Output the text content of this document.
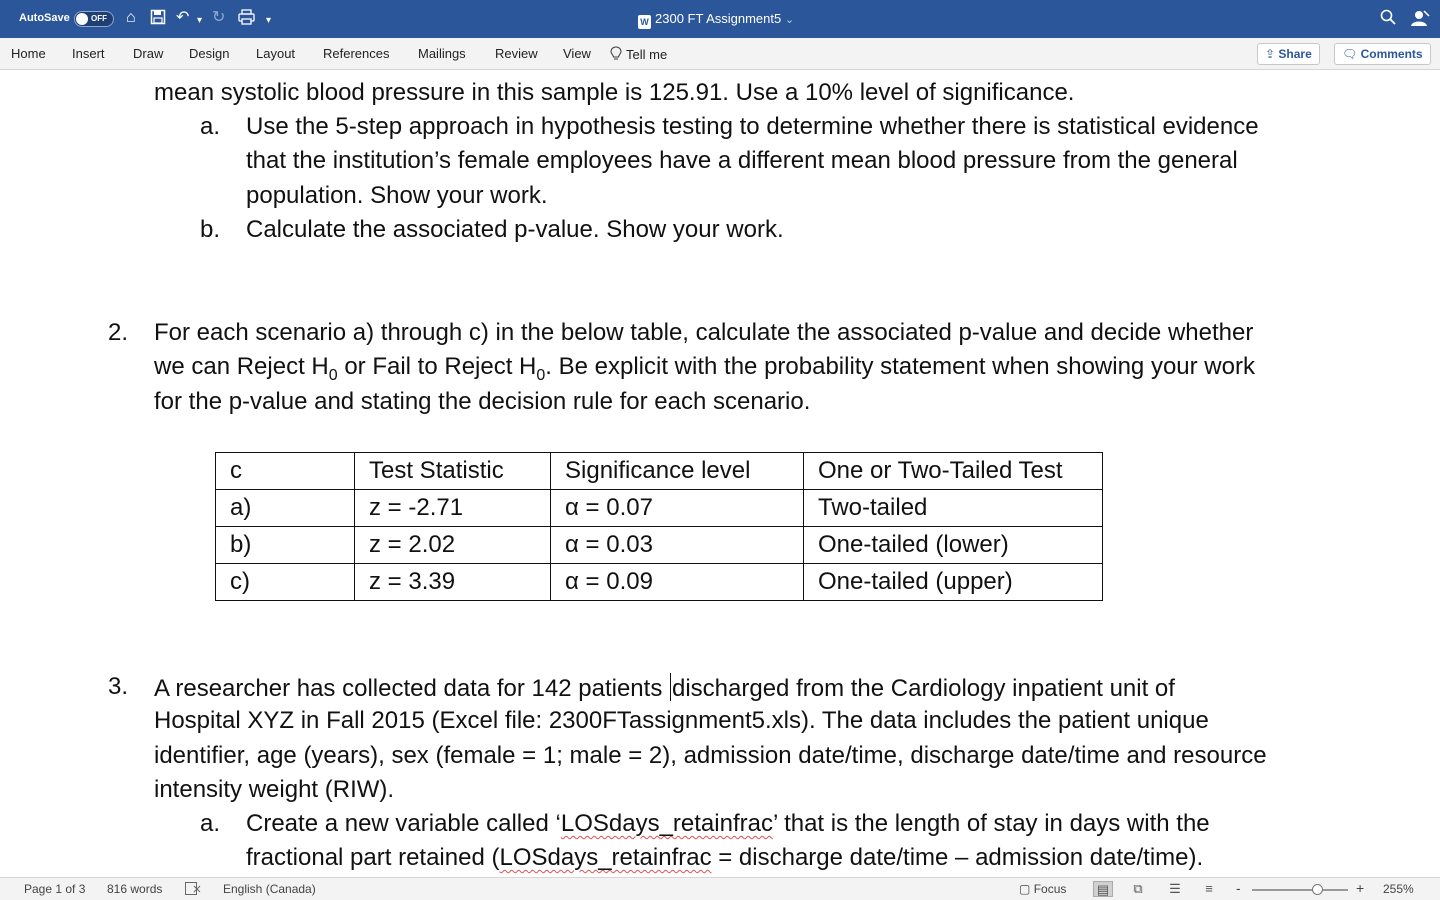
AutoSave	OFF ⌂	↶ ▾ ↻	▾	W 2300 FT Assignment5 ⌄
Home Insert Draw Design Layout References Mailings Review View	Tell me	⇪ Share	🗨 Comments
mean systolic blood pressure in this sample is 125.91. Use a 10% level of significance.
a. Use the 5-step approach in hypothesis testing to determine whether there is statistical evidence
that the institution’s female employees have a different mean blood pressure from the general
population. Show your work.
b. Calculate the associated p-value. Show your work.
2. For each scenario a) through c) in the below table, calculate the associated p-value and decide whether
we can Reject $H_0$ or Fail to Reject $H_0$. Be explicit with the probability statement when showing your work
for the p-value and stating the decision rule for each scenario.
c	Test Statistic	Significance level	One or Two-Tailed Test
a)	z = -2.71	α = 0.07	Two-tailed
b)	z = 2.02	α = 0.03	One-tailed (lower)
c)	z = 3.39	α = 0.09	One-tailed (upper)
3. A researcher has collected data for 142 patients discharged from the Cardiology inpatient unit of
Hospital XYZ in Fall 2015 (Excel file: 2300FTassignment5.xls). The data includes the patient unique
identifier, age (years), sex (female = 1; male = 2), admission date/time, discharge date/time and resource
intensity weight (RIW).
a. Create a new variable called ‘LOSdays_retainfrac’ that is the length of stay in days with the
fractional part retained (LOSdays_retainfrac = discharge date/time – admission date/time).
Page 1 of 3 816 words	English (Canada)	▢ Focus ▤	⧉	☰	≡	-	+ 255%
